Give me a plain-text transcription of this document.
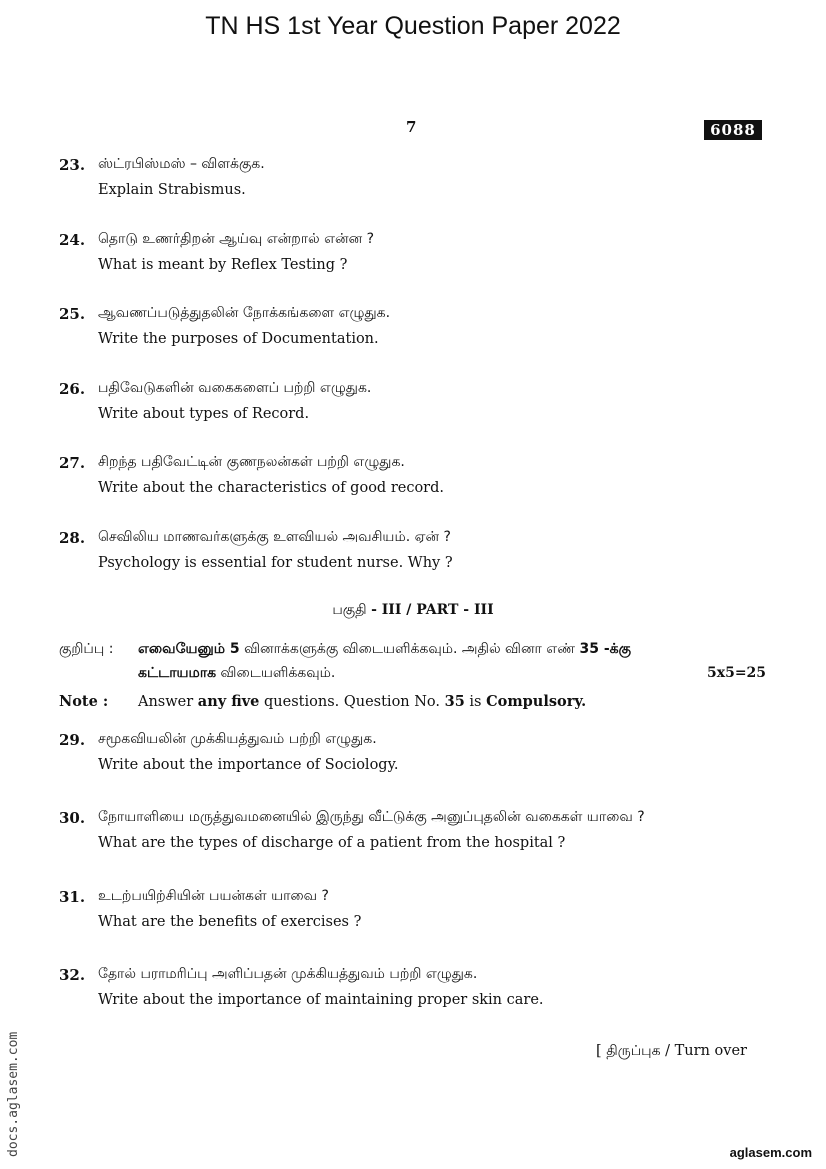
TN HS 1st Year Question Paper 2022
7	6088
23. ஸ்ட்ரபிஸ்மஸ் – விளக்குக.
Explain Strabismus.
24. தொடு உணர்திறன் ஆய்வு என்றால் என்ன ?
What is meant by Reflex Testing ?
25. ஆவணப்படுத்துதலின் நோக்கங்களை எழுதுக.
Write the purposes of Documentation.
26. பதிவேடுகளின் வகைகளைப் பற்றி எழுதுக.
Write about types of Record.
27. சிறந்த பதிவேட்டின் குணநலன்கள் பற்றி எழுதுக.
Write about the characteristics of good record.
28. செவிலிய மாணவர்களுக்கு உளவியல் அவசியம். ஏன் ?
Psychology is essential for student nurse. Why ?
பகுதி - III / PART - III
குறிப்பு : எவையேனும் 5 வினாக்களுக்கு விடையளிக்கவும். அதில் வினா எண் 35 -க்கு
கட்டாயமாக விடையளிக்கவும்.	5x5=25
Note : Answer any five questions. Question No. 35 is Compulsory.
29. சமூகவியலின் முக்கியத்துவம் பற்றி எழுதுக.
Write about the importance of Sociology.
30. நோயாளியை மருத்துவமனையில் இருந்து வீட்டுக்கு அனுப்புதலின் வகைகள் யாவை ?
What are the types of discharge of a patient from the hospital ?
31. உடற்பயிற்சியின் பயன்கள் யாவை ?
What are the benefits of exercises ?
32. தோல் பராமரிப்பு அளிப்பதன் முக்கியத்துவம் பற்றி எழுதுக.
Write about the importance of maintaining proper skin care.
[ திருப்புக / Turn over
docs.aglasem.com	aglasem.com
